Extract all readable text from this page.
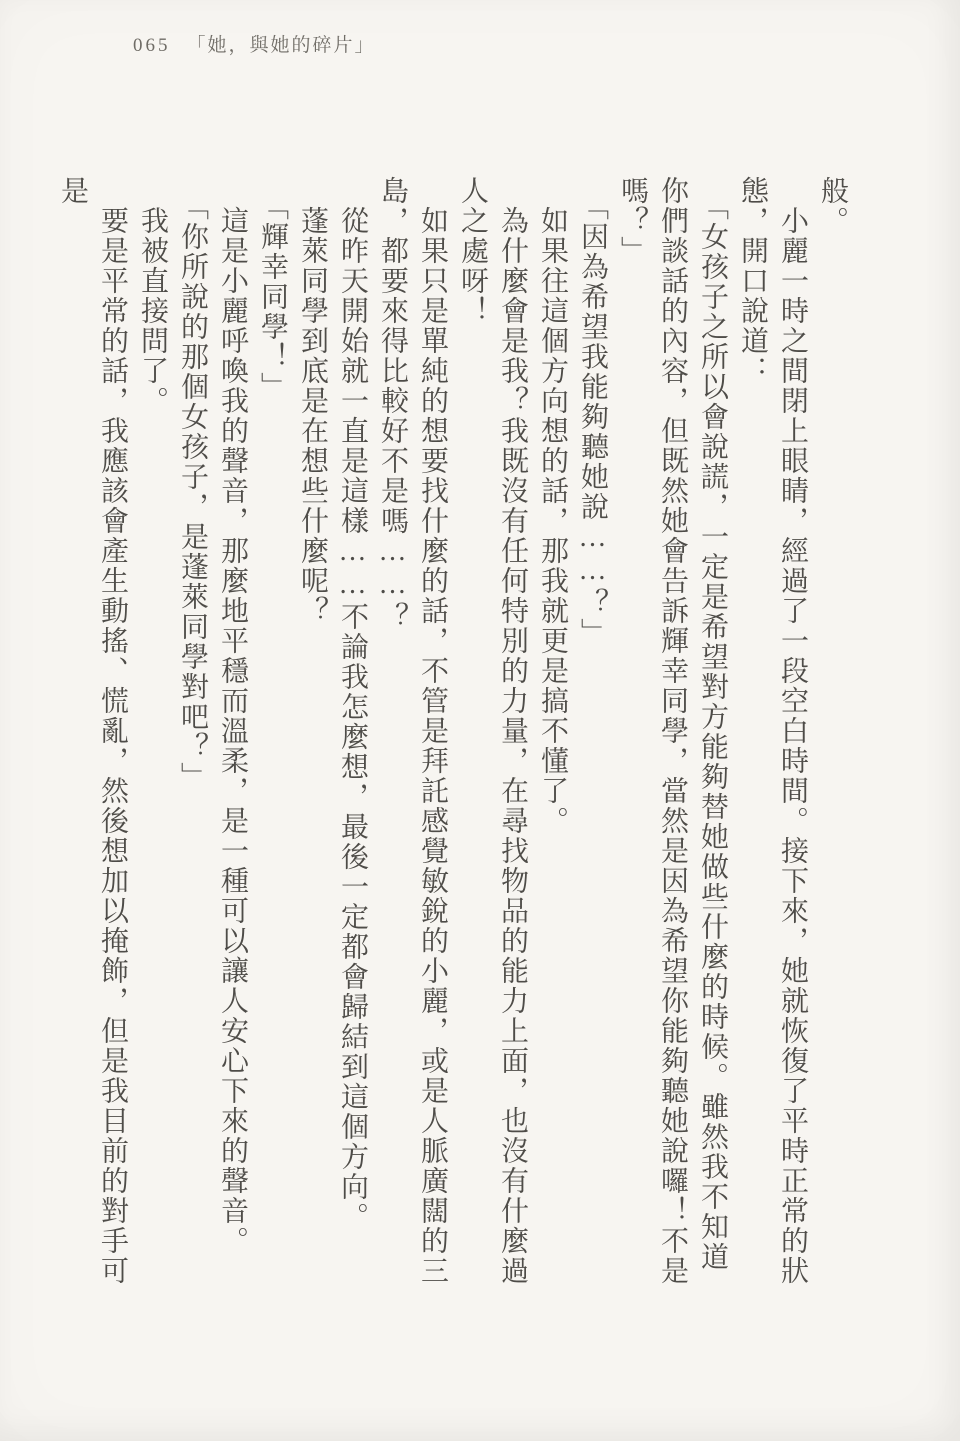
065 「她，與她的碎片」

般。

　小麗一時之間閉上眼睛，經過了一段空白時間。接下來，她就恢復了平時正常的狀態，開口說道：

　「女孩子之所以會說謊，一定是希望對方能夠替她做些什麼的時候。雖然我不知道你們談話的內容，但既然她會告訴輝幸同學，當然是因為希望你能夠聽她說囉！不是嗎？」

　「因為希望我能夠聽她說……？」

　如果往這個方向想的話，那我就更是搞不懂了。

　為什麼會是我？我既沒有任何特別的力量，在尋找物品的能力上面，也沒有什麼過人之處呀！

　如果只是單純的想要找什麼的話，不管是拜託感覺敏銳的小麗，或是人脈廣闊的三島，都要來得比較好不是嗎……？

　從昨天開始就一直是這樣……不論我怎麼想，最後一定都會歸結到這個方向。

　蓬萊同學到底是在想些什麼呢？

　「輝幸同學！」

　這是小麗呼喚我的聲音，那麼地平穩而溫柔，是一種可以讓人安心下來的聲音。

　「你所說的那個女孩子，是蓬萊同學對吧？」

　我被直接問了。

　要是平常的話，我應該會產生動搖、慌亂，然後想加以掩飾，但是我目前的對手可是
